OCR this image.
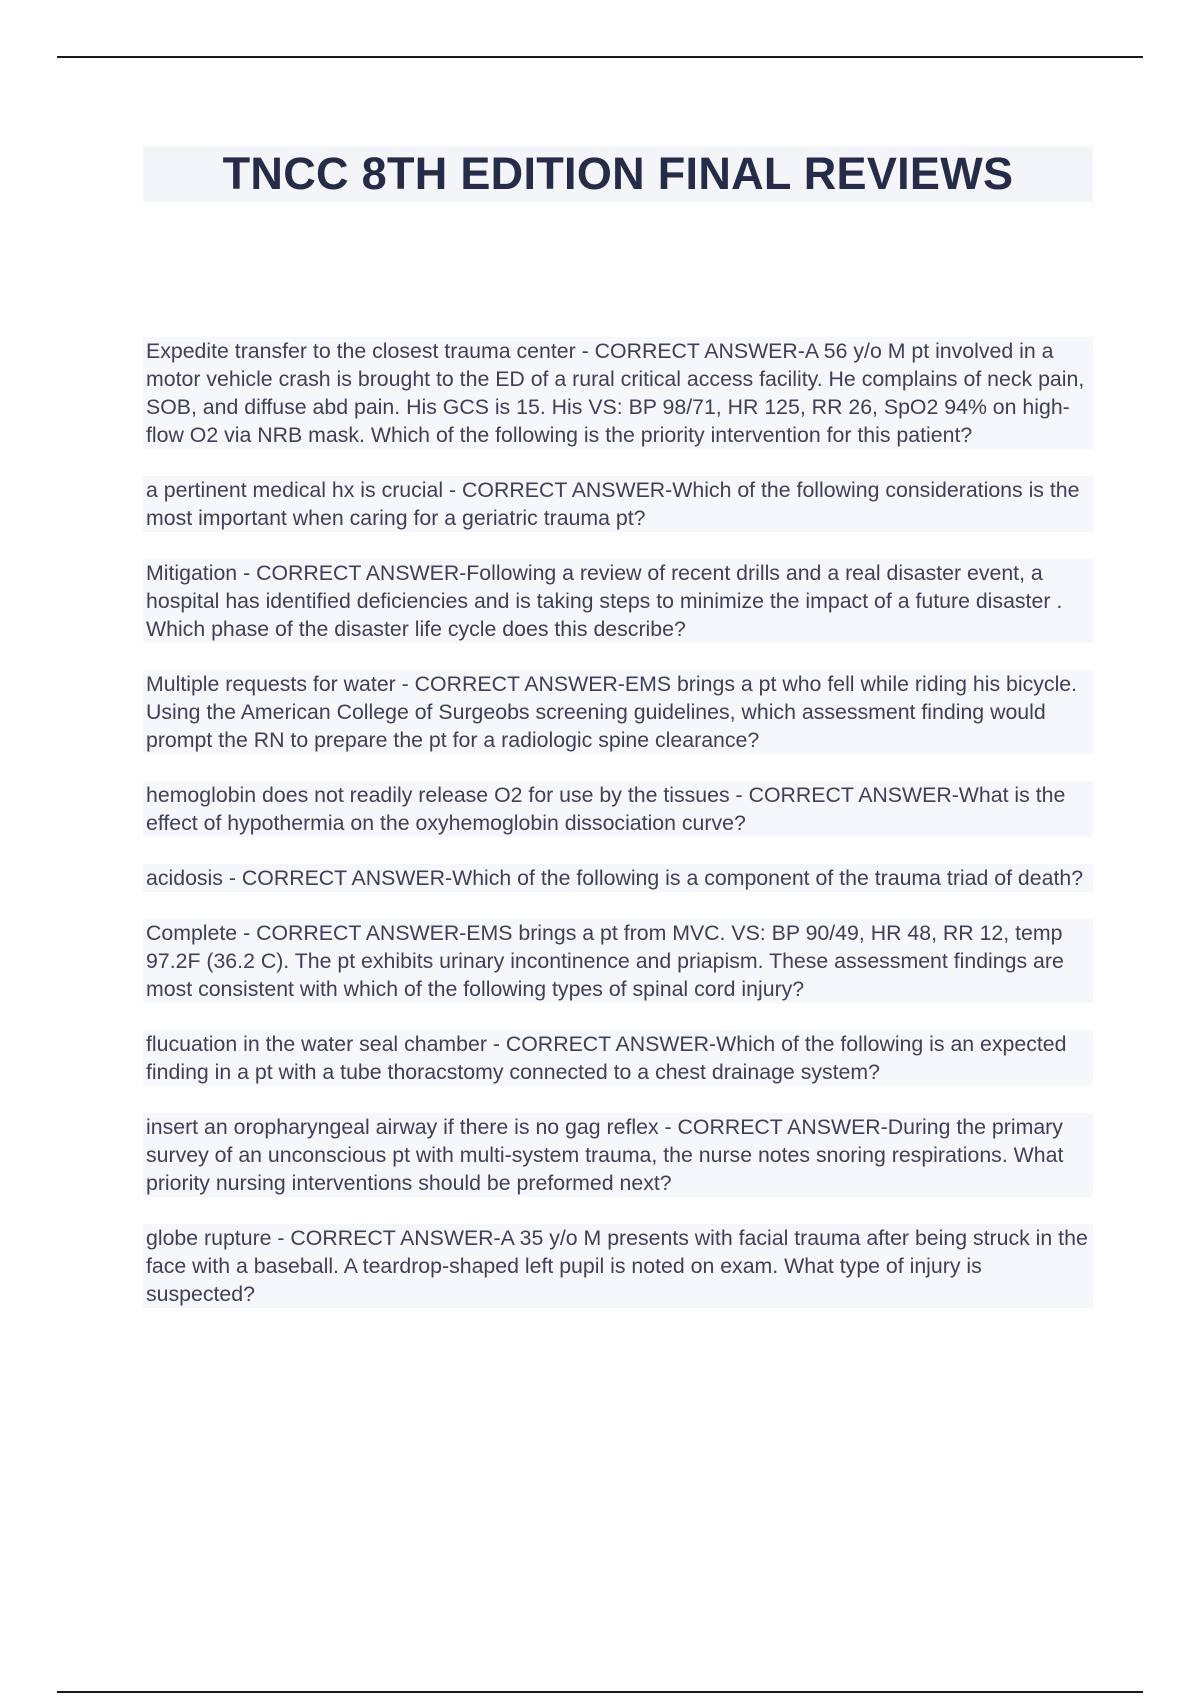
TNCC 8TH EDITION FINAL REVIEWS
Expedite transfer to the closest trauma center - CORRECT ANSWER-A 56 y/o M pt involved in a motor vehicle crash is brought to the ED of a rural critical access facility. He complains of neck pain, SOB, and diffuse abd pain. His GCS is 15. His VS: BP 98/71, HR 125, RR 26, SpO2 94% on high-flow O2 via NRB mask. Which of the following is the priority intervention for this patient?
a pertinent medical hx is crucial - CORRECT ANSWER-Which of the following considerations is the most important when caring for a geriatric trauma pt?
Mitigation - CORRECT ANSWER-Following a review of recent drills and a real disaster event, a hospital has identified deficiencies and is taking steps to minimize the impact of a future disaster . Which phase of the disaster life cycle does this describe?
Multiple requests for water - CORRECT ANSWER-EMS brings a pt who fell while riding his bicycle. Using the American College of Surgeobs screening guidelines, which assessment finding would prompt the RN to prepare the pt for a radiologic spine clearance?
hemoglobin does not readily release O2 for use by the tissues - CORRECT ANSWER-What is the effect of hypothermia on the oxyhemoglobin dissociation curve?
acidosis - CORRECT ANSWER-Which of the following is a component of the trauma triad of death?
Complete - CORRECT ANSWER-EMS brings a pt from MVC. VS: BP 90/49, HR 48, RR 12, temp 97.2F (36.2 C). The pt exhibits urinary incontinence and priapism. These assessment findings are most consistent with which of the following types of spinal cord injury?
flucuation in the water seal chamber - CORRECT ANSWER-Which of the following is an expected finding in a pt with a tube thoracstomy connected to a chest drainage system?
insert an oropharyngeal airway if there is no gag reflex - CORRECT ANSWER-During the primary survey of an unconscious pt with multi-system trauma, the nurse notes snoring respirations. What priority nursing interventions should be preformed next?
globe rupture - CORRECT ANSWER-A 35 y/o M presents with facial trauma after being struck in the face with a baseball. A teardrop-shaped left pupil is noted on exam. What type of injury is suspected?
